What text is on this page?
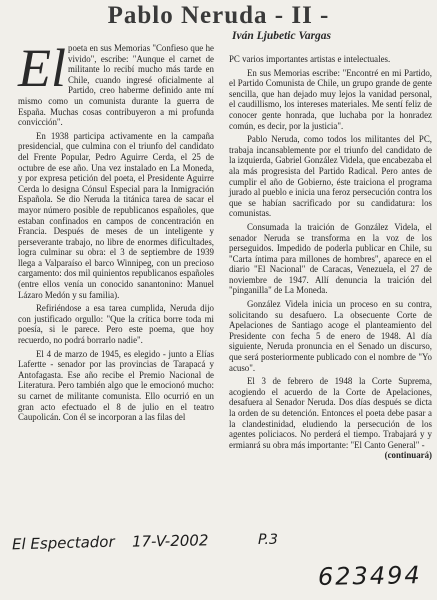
Pablo Neruda - II -
Iván Ljubetic Vargas
El poeta en sus Memorias "Confieso que he vivido", escribe: "Aunque el carnet de militante lo recibí mucho más tarde en Chile, cuando ingresé oficialmente al Partido, creo haberme definido ante mí mismo como un comunista durante la guerra de España. Muchas cosas contribuyeron a mi profunda convicción".

En 1938 participa activamente en la campaña presidencial, que culmina con el triunfo del candidato del Frente Popular, Pedro Aguirre Cerda, el 25 de octubre de ese año. Una vez instalado en La Moneda, y por expresa petición del poeta, el Presidente Aguirre Cerda lo designa Cónsul Especial para la Inmigración Española. Se dio Neruda la titánica tarea de sacar el mayor número posible de republicanos españoles, que estaban confinados en campos de concentración en Francia. Después de meses de un inteligente y perseverante trabajo, no libre de enormes dificultades, logra culminar su obra: el 3 de septiembre de 1939 llega a Valparaíso el barco Winnipeg, con un precioso cargamento: dos mil quinientos republicanos españoles (entre ellos venía un conocido sanantonino: Manuel Lázaro Medón y su familia).

Refiriéndose a esa tarea cumplida, Neruda dijo con justificado orgullo: "Que la crítica borre toda mi poesía, si le parece. Pero este poema, que hoy recuerdo, no podrá borrarlo nadie".

El 4 de marzo de 1945, es elegido - junto a Elías Lafertte - senador por las provincias de Tarapacá y Antofagasta. Ese año recibe el Premio Nacional de Literatura. Pero también algo que le emocionó mucho: su carnet de militante comunista. Ello ocurrió en un gran acto efectuado el 8 de julio en el teatro Caupolicán. Con él se incorporan a las filas del

PC varios importantes artistas e intelectuales.

En sus Memorias escribe: "Encontré en mi Partido, el Partido Comunista de Chile, un grupo grande de gente sencilla, que han dejado muy lejos la vanidad personal, el caudillismo, los intereses materiales. Me sentí feliz de conocer gente honrada, que luchaba por la honradez común, es decir, por la justicia".

Pablo Neruda, como todos los militantes del PC, trabaja incansablemente por el triunfo del candidato de la izquierda, Gabriel González Videla, que encabezaba el ala más progresista del Partido Radical. Pero antes de cumplir el año de Gobierno, éste traiciona el programa jurado al pueblo e inicia una feroz persecución contra los que se habían sacrificado por su candidatura: los comunistas.

Consumada la traición de González Videla, el senador Neruda se transforma en la voz de los perseguidos. Impedido de poderla publicar en Chile, su "Carta íntima para millones de hombres", aparece en el diario "El Nacional" de Caracas, Venezuela, el 27 de noviembre de 1947. Allí denuncia la traición del "pinganilla" de La Moneda.

González Videla inicia un proceso en su contra, solicitando su desafuero. La obsecuente Corte de Apelaciones de Santiago acoge el planteamiento del Presidente con fecha 5 de enero de 1948. Al día siguiente, Neruda pronuncia en el Senado un discurso, que será posteriormente publicado con el nombre de "Yo acuso".

El 3 de febrero de 1948 la Corte Suprema, acogiendo el acuerdo de la Corte de Apelaciones, desafuera al Senador Neruda. Dos días después se dicta la orden de su detención. Entonces el poeta debe pasar a la clandestinidad, eludiendo la persecución de los agentes policiacos. No perderá el tiempo. Trabajará y y ermianrá su obra más importante: "El Canto General" -

(continuará)

El Espectador 17-V-2002	P.3
623494
